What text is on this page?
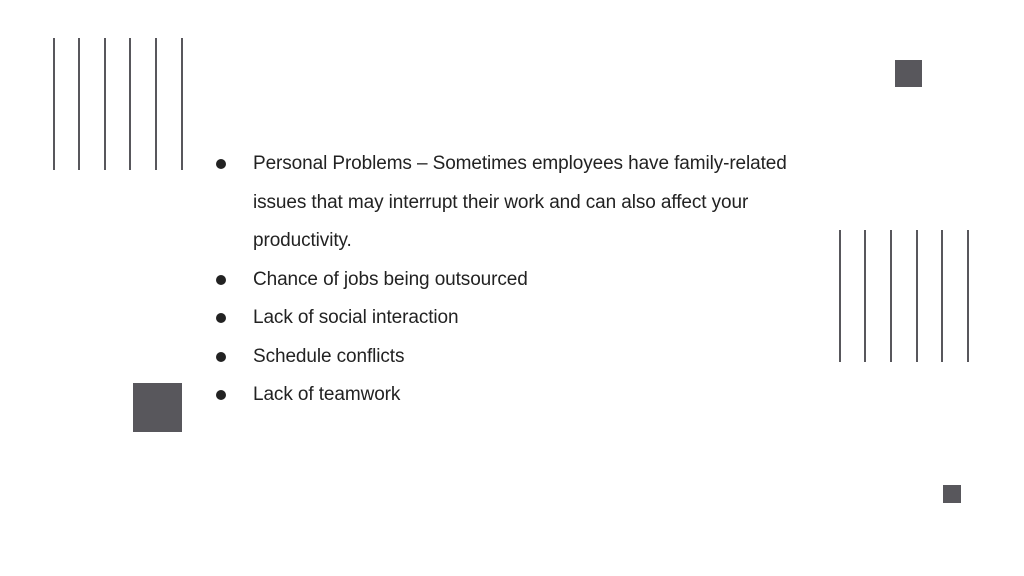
Personal Problems – Sometimes employees have family-related issues that may interrupt their work and can also affect your productivity.
Chance of jobs being outsourced
Lack of social interaction
Schedule conflicts
Lack of teamwork
